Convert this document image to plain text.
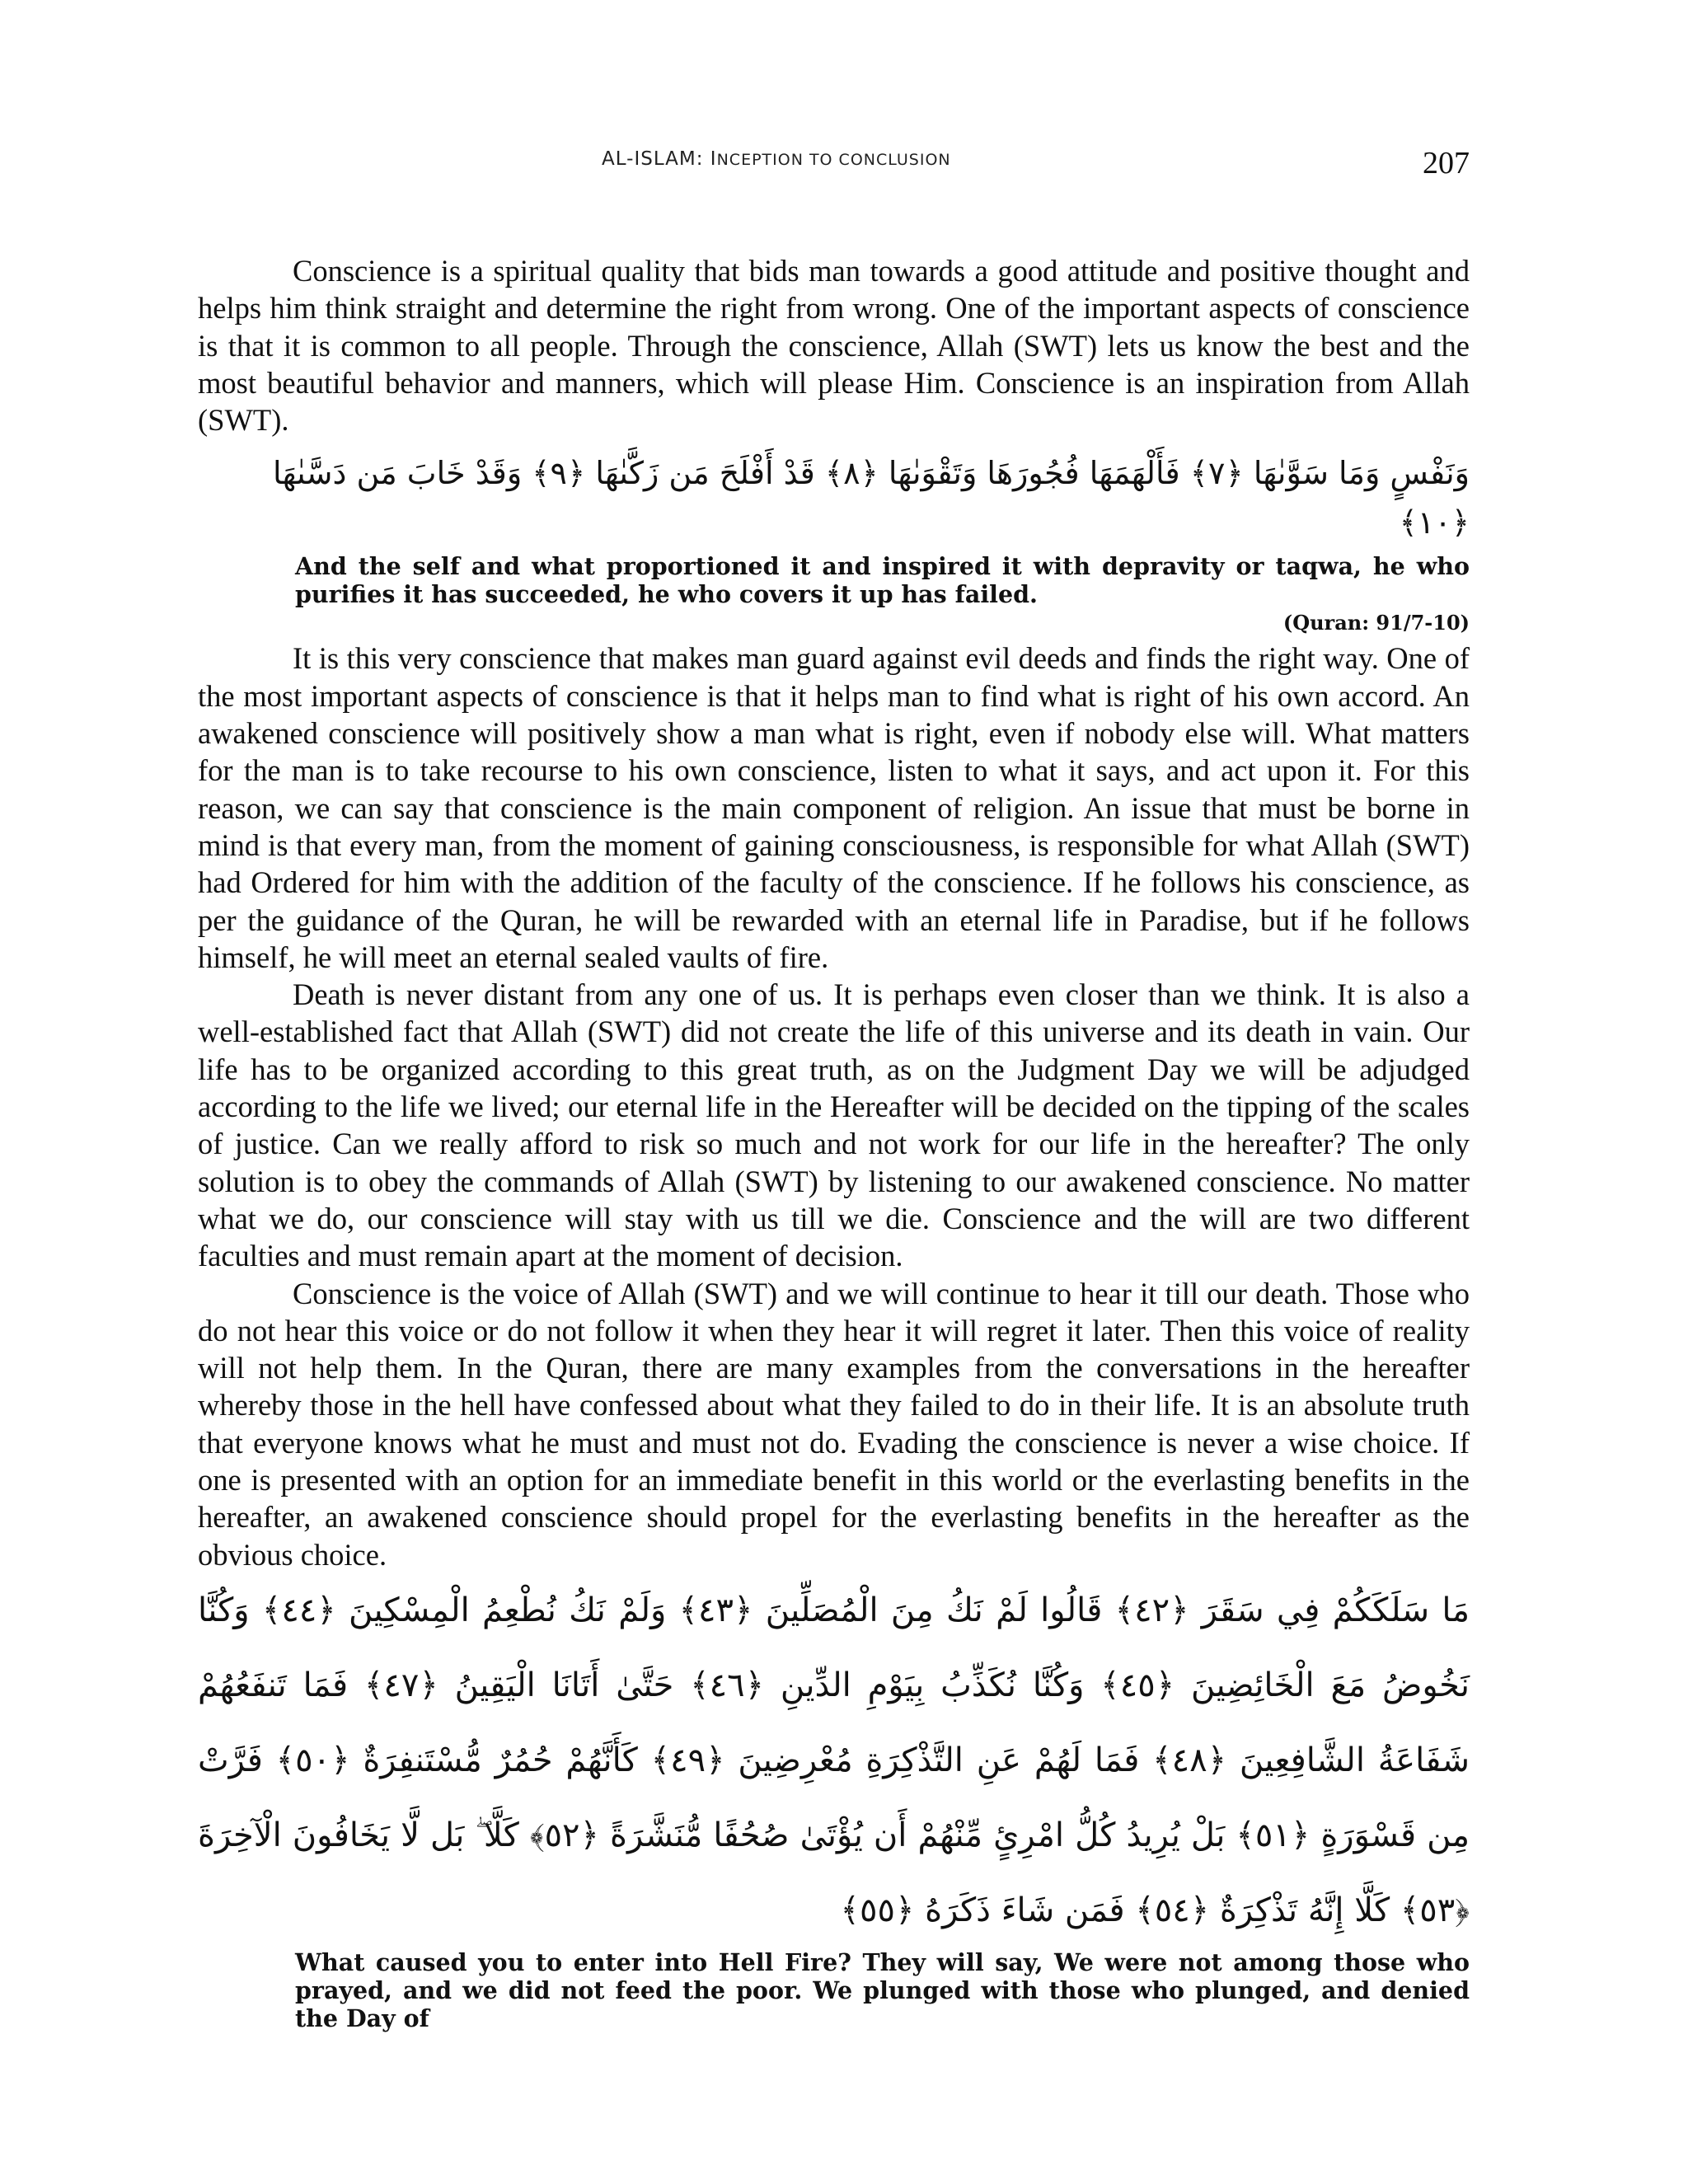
AL-ISLAM: INCEPTION TO CONCLUSION	207

Conscience is a spiritual quality that bids man towards a good attitude and positive thought and helps him think straight and determine the right from wrong. One of the important aspects of conscience is that it is common to all people. Through the conscience, Allah (SWT) lets us know the best and the most beautiful behavior and manners, which will please Him. Conscience is an inspiration from Allah (SWT).

وَنَفْسٍ وَمَا سَوَّىٰهَا ﴿٧﴾ فَأَلْهَمَهَا فُجُورَهَا وَتَقْوَىٰهَا ﴿٨﴾ قَدْ أَفْلَحَ مَن زَكَّىٰهَا ﴿٩﴾ وَقَدْ خَابَ مَن دَسَّىٰهَا ﴿١٠﴾

And the self and what proportioned it and inspired it with depravity or taqwa, he who purifies it has succeeded, he who covers it up has failed.

(Quran: 91/7-10)

It is this very conscience that makes man guard against evil deeds and finds the right way. One of the most important aspects of conscience is that it helps man to find what is right of his own accord. An awakened conscience will positively show a man what is right, even if nobody else will. What matters for the man is to take recourse to his own conscience, listen to what it says, and act upon it. For this reason, we can say that conscience is the main component of religion. An issue that must be borne in mind is that every man, from the moment of gaining consciousness, is responsible for what Allah (SWT) had Ordered for him with the addition of the faculty of the conscience. If he follows his conscience, as per the guidance of the Quran, he will be rewarded with an eternal life in Paradise, but if he follows himself, he will meet an eternal sealed vaults of fire.

Death is never distant from any one of us. It is perhaps even closer than we think. It is also a well-established fact that Allah (SWT) did not create the life of this universe and its death in vain. Our life has to be organized according to this great truth, as on the Judgment Day we will be adjudged according to the life we lived; our eternal life in the Hereafter will be decided on the tipping of the scales of justice. Can we really afford to risk so much and not work for our life in the hereafter? The only solution is to obey the commands of Allah (SWT) by listening to our awakened conscience. No matter what we do, our conscience will stay with us till we die. Conscience and the will are two different faculties and must remain apart at the moment of decision.

Conscience is the voice of Allah (SWT) and we will continue to hear it till our death. Those who do not hear this voice or do not follow it when they hear it will regret it later. Then this voice of reality will not help them. In the Quran, there are many examples from the conversations in the hereafter whereby those in the hell have confessed about what they failed to do in their life. It is an absolute truth that everyone knows what he must and must not do. Evading the conscience is never a wise choice. If one is presented with an option for an immediate benefit in this world or the everlasting benefits in the hereafter, an awakened conscience should propel for the everlasting benefits in the hereafter as the obvious choice.

مَا سَلَكَكُمْ فِي سَقَرَ ﴿٤٢﴾ قَالُوا لَمْ نَكُ مِنَ الْمُصَلِّينَ ﴿٤٣﴾ وَلَمْ نَكُ نُطْعِمُ الْمِسْكِينَ ﴿٤٤﴾ وَكُنَّا نَخُوضُ مَعَ الْخَائِضِينَ ﴿٤٥﴾ وَكُنَّا نُكَذِّبُ بِيَوْمِ الدِّينِ ﴿٤٦﴾ حَتَّىٰ أَتَانَا الْيَقِينُ ﴿٤٧﴾ فَمَا تَنفَعُهُمْ شَفَاعَةُ الشَّافِعِينَ ﴿٤٨﴾ فَمَا لَهُمْ عَنِ التَّذْكِرَةِ مُعْرِضِينَ ﴿٤٩﴾ كَأَنَّهُمْ حُمُرٌ مُّسْتَنفِرَةٌ ﴿٥٠﴾ فَرَّتْ مِن قَسْوَرَةٍ ﴿٥١﴾ بَلْ يُرِيدُ كُلُّ امْرِئٍ مِّنْهُمْ أَن يُؤْتَىٰ صُحُفًا مُّنَشَّرَةً ﴿٥٢﴾ كَلَّا ۖ بَل لَّا يَخَافُونَ الْآخِرَةَ ﴿٥٣﴾ كَلَّا إِنَّهُ تَذْكِرَةٌ ﴿٥٤﴾ فَمَن شَاءَ ذَكَرَهُ ﴿٥٥﴾

What caused you to enter into Hell Fire? They will say, We were not among those who prayed, and we did not feed the poor. We plunged with those who plunged, and denied the Day of
